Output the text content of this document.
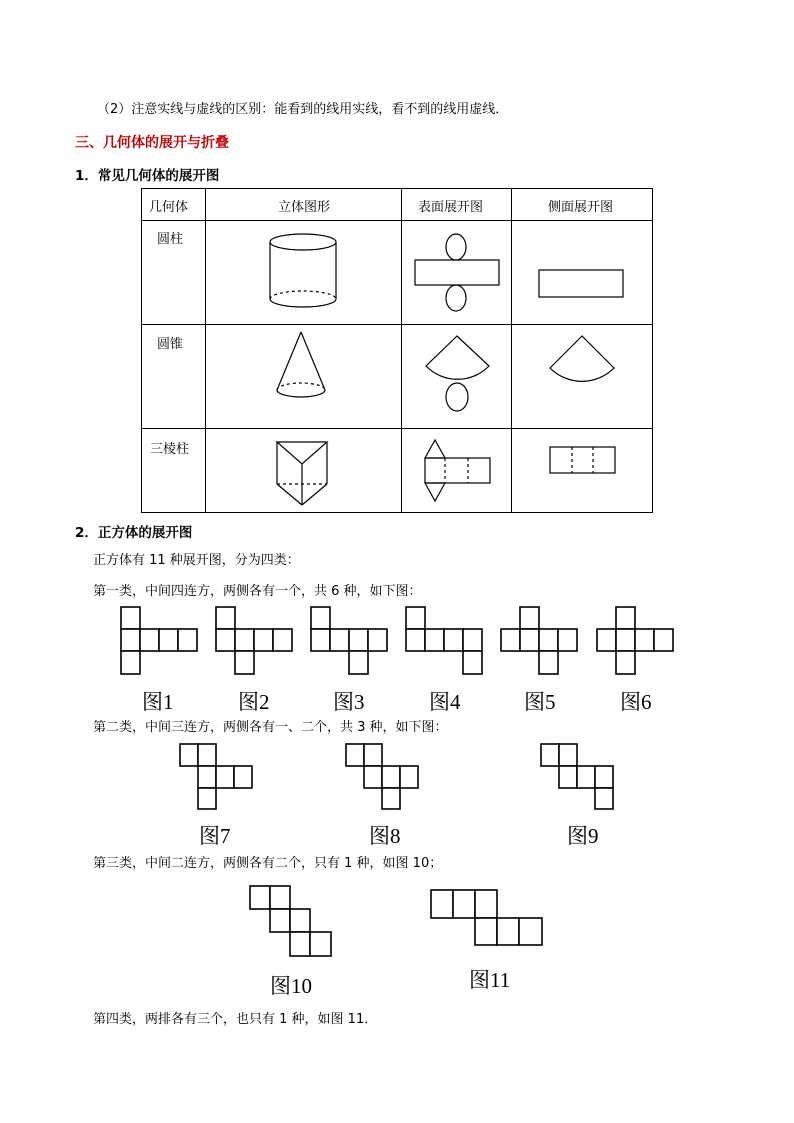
（2）注意实线与虚线的区别：能看到的线用实线，看不到的线用虚线．
三、几何体的展开与折叠
1．常见几何体的展开图
几何体	立体图形	表面展开图	侧面展开图
圆柱
圆锥
三棱柱
2．正方体的展开图
正方体有 11 种展开图，分为四类：
第一类，中间四连方，两侧各有一个，共 6 种，如下图：
图1	图2	图3	图4	图5	图6
第二类，中间三连方，两侧各有一、二个，共 3 种，如下图：
图7	图8	图9
第三类，中间二连方，两侧各有二个，只有 1 种，如图 10；
图10	图11
第四类，两排各有三个，也只有 1 种，如图 11．
